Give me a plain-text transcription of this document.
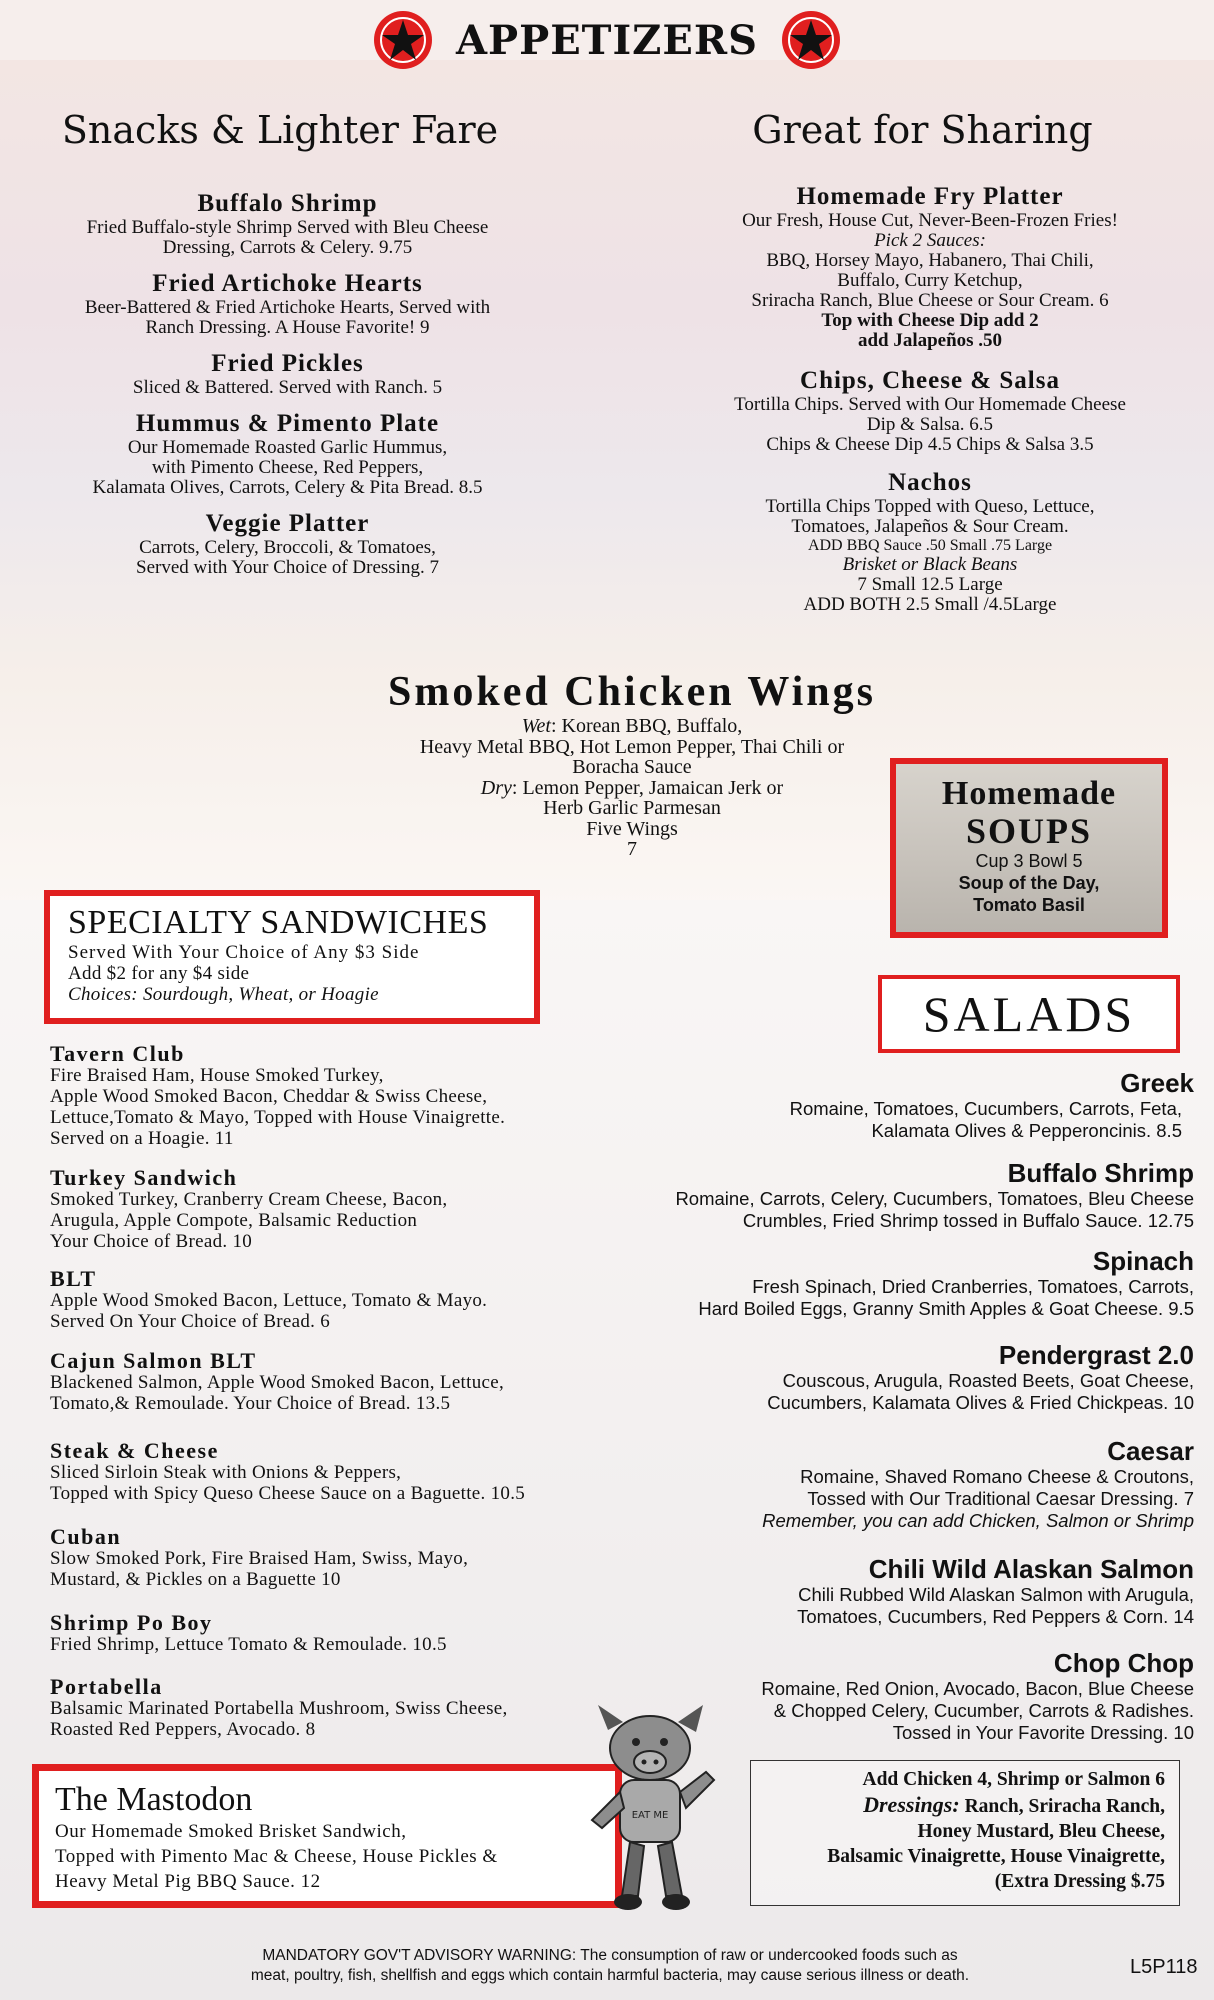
APPETIZERS
Snacks & Lighter Fare
Buffalo Shrimp
Fried Buffalo-style Shrimp Served with Bleu Cheese
Dressing, Carrots & Celery. 9.75
Fried Artichoke Hearts
Beer-Battered & Fried Artichoke Hearts, Served with
Ranch Dressing. A House Favorite! 9
Fried Pickles
Sliced & Battered. Served with Ranch. 5
Hummus & Pimento Plate
Our Homemade Roasted Garlic Hummus,
with Pimento Cheese, Red Peppers,
Kalamata Olives, Carrots, Celery & Pita Bread. 8.5
Veggie Platter
Carrots, Celery, Broccoli, & Tomatoes,
Served with Your Choice of Dressing. 7
Great for Sharing
Homemade Fry Platter
Our Fresh, House Cut, Never-Been-Frozen Fries!
Pick 2 Sauces:
BBQ, Horsey Mayo, Habanero, Thai Chili,
Buffalo, Curry Ketchup,
Sriracha Ranch, Blue Cheese or Sour Cream. 6
Top with Cheese Dip add 2
add Jalapeños .50
Chips, Cheese & Salsa
Tortilla Chips. Served with Our Homemade Cheese
Dip & Salsa. 6.5
Chips & Cheese Dip 4.5 Chips & Salsa 3.5
Nachos
Tortilla Chips Topped with Queso, Lettuce,
Tomatoes, Jalapeños & Sour Cream.
ADD BBQ Sauce .50 Small .75 Large
Brisket or Black Beans
7 Small 12.5 Large
ADD BOTH 2.5 Small /4.5Large
Smoked Chicken Wings
Wet: Korean BBQ, Buffalo,
Heavy Metal BBQ, Hot Lemon Pepper, Thai Chili or
Boracha Sauce
Dry: Lemon Pepper, Jamaican Jerk or
Herb Garlic Parmesan
Five Wings
7
Homemade
SOUPS
Cup 3 Bowl 5
Soup of the Day,
Tomato Basil
SPECIALTY SANDWICHES
Served With Your Choice of Any $3 Side
Add $2 for any $4 side
Choices: Sourdough, Wheat, or Hoagie
Tavern Club
Fire Braised Ham, House Smoked Turkey,
Apple Wood Smoked Bacon, Cheddar & Swiss Cheese,
Lettuce,Tomato & Mayo, Topped with House Vinaigrette.
Served on a Hoagie. 11
Turkey Sandwich
Smoked Turkey, Cranberry Cream Cheese, Bacon,
Arugula, Apple Compote, Balsamic Reduction
Your Choice of Bread. 10
BLT
Apple Wood Smoked Bacon, Lettuce, Tomato & Mayo.
Served On Your Choice of Bread. 6
Cajun Salmon BLT
Blackened Salmon, Apple Wood Smoked Bacon, Lettuce,
Tomato,& Remoulade. Your Choice of Bread. 13.5
Steak & Cheese
Sliced Sirloin Steak with Onions & Peppers,
Topped with Spicy Queso Cheese Sauce on a Baguette. 10.5
Cuban
Slow Smoked Pork, Fire Braised Ham, Swiss, Mayo,
Mustard, & Pickles on a Baguette 10
Shrimp Po Boy
Fried Shrimp, Lettuce Tomato & Remoulade. 10.5
Portabella
Balsamic Marinated Portabella Mushroom, Swiss Cheese,
Roasted Red Peppers, Avocado. 8
The Mastodon
Our Homemade Smoked Brisket Sandwich,
Topped with Pimento Mac & Cheese, House Pickles &
Heavy Metal Pig BBQ Sauce. 12
EAT ME
SALADS
Greek
Romaine, Tomatoes, Cucumbers, Carrots, Feta,
Kalamata Olives & Pepperoncinis. 8.5
Buffalo Shrimp
Romaine, Carrots, Celery, Cucumbers, Tomatoes, Bleu Cheese
Crumbles, Fried Shrimp tossed in Buffalo Sauce. 12.75
Spinach
Fresh Spinach, Dried Cranberries, Tomatoes, Carrots,
Hard Boiled Eggs, Granny Smith Apples & Goat Cheese. 9.5
Pendergrast 2.0
Couscous, Arugula, Roasted Beets, Goat Cheese,
Cucumbers, Kalamata Olives & Fried Chickpeas. 10
Caesar
Romaine, Shaved Romano Cheese & Croutons,
Tossed with Our Traditional Caesar Dressing. 7
Remember, you can add Chicken, Salmon or Shrimp
Chili Wild Alaskan Salmon
Chili Rubbed Wild Alaskan Salmon with Arugula,
Tomatoes, Cucumbers, Red Peppers & Corn. 14
Chop Chop
Romaine, Red Onion, Avocado, Bacon, Blue Cheese
& Chopped Celery, Cucumber, Carrots & Radishes.
Tossed in Your Favorite Dressing. 10
Add Chicken 4, Shrimp or Salmon 6
Dressings: Ranch, Sriracha Ranch,
Honey Mustard, Bleu Cheese,
Balsamic Vinaigrette, House Vinaigrette,
(Extra Dressing $.75
MANDATORY GOV'T ADVISORY WARNING: The consumption of raw or undercooked foods such as
meat, poultry, fish, shellfish and eggs which contain harmful bacteria, may cause serious illness or death.	L5P118
